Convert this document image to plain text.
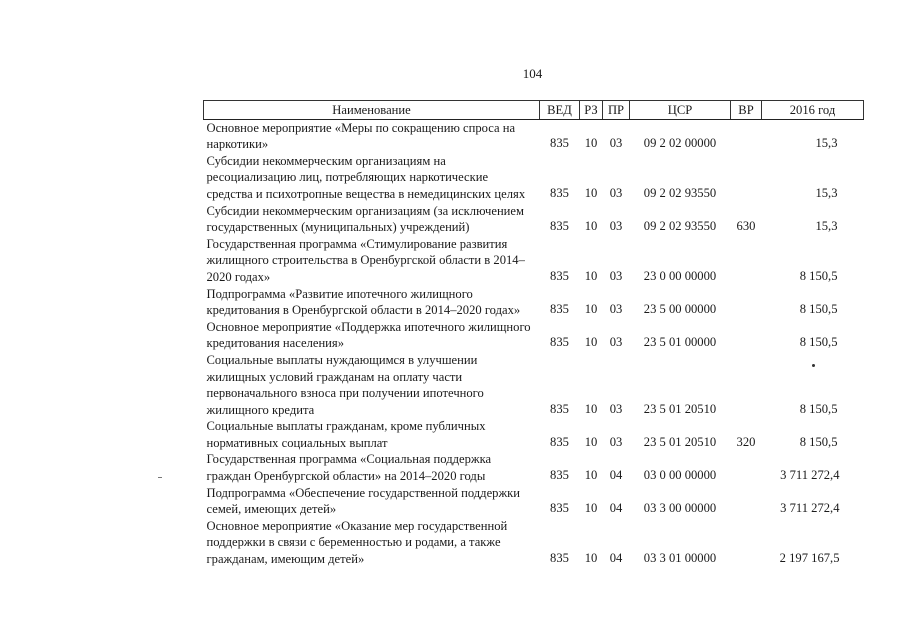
104
Наименование	ВЕД	РЗ	ПР	ЦСР	ВР	2016 год
Основное мероприятие «Меры по сокращению спроса на наркотики»	835	10	03	09 2 02 00000		15,3
Субсидии некоммерческим организациям на ресоциализацию лиц, потребляющих наркотические средства и психотропные вещества в немедицинских целях	835	10	03	09 2 02 93550		15,3
Субсидии некоммерческим организациям (за исключением государственных (муниципальных) учреждений)	835	10	03	09 2 02 93550	630	15,3
Государственная программа «Стимулирование развития жилищного строительства в Оренбургской области в 2014–2020 годах»	835	10	03	23 0 00 00000		8 150,5
Подпрограмма «Развитие ипотечного жилищного кредитования в Оренбургской области в 2014–2020 годах»	835	10	03	23 5 00 00000		8 150,5
Основное мероприятие «Поддержка ипотечного жилищного кредитования населения»	835	10	03	23 5 01 00000		8 150,5
Социальные выплаты нуждающимся в улучшении жилищных условий гражданам на оплату части первоначального взноса при получении ипотечного жилищного кредита	835	10	03	23 5 01 20510		8 150,5
Социальные выплаты гражданам, кроме публичных нормативных социальных выплат	835	10	03	23 5 01 20510	320	8 150,5
Государственная программа «Социальная поддержка граждан Оренбургской области» на 2014–2020 годы	835	10	04	03 0 00 00000		3 711 272,4
Подпрограмма «Обеспечение государственной поддержки семей, имеющих детей»	835	10	04	03 3 00 00000		3 711 272,4
Основное мероприятие «Оказание мер государственной поддержки в связи с беременностью и родами, а также гражданам, имеющим детей»	835	10	04	03 3 01 00000		2 197 167,5
